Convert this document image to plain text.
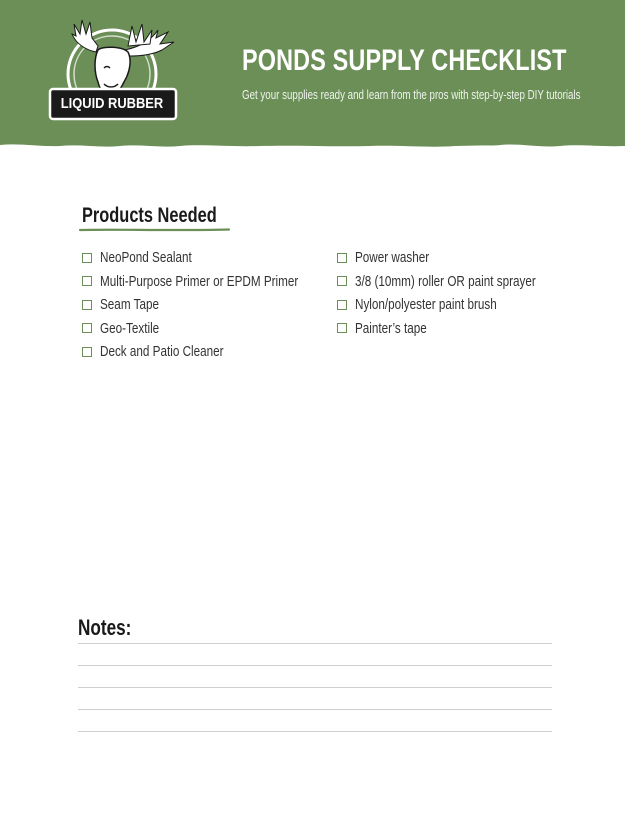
LIQUID RUBBER
PONDS SUPPLY CHECKLIST
Get your supplies ready and learn from the pros with step-by-step DIY tutorials
Products Needed
NeoPond Sealant
Multi-Purpose Primer or EPDM Primer
Seam Tape
Geo-Textile
Deck and Patio Cleaner
Power washer
3/8 (10mm) roller OR paint sprayer
Nylon/polyester paint brush
Painter’s tape
Notes:
